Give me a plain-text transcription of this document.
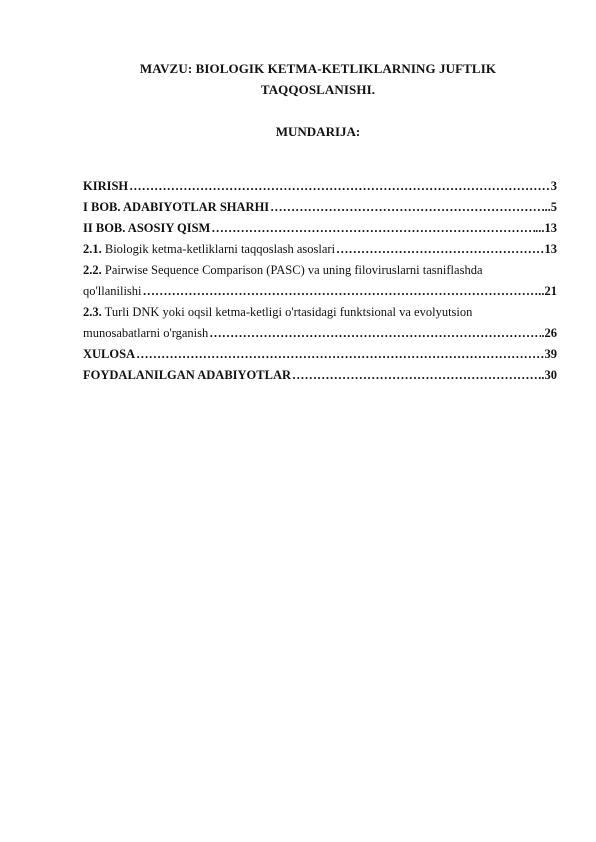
MAVZU: BIOLOGIK KETMA-KETLIKLARNING JUFTLIK
TAQQOSLANISHI.
MUNDARIJA:
KIRISH ……………………………………………………………………………………………………………………………………	3
I BOB. ADABIYOTLAR SHARHI ……………………………………………………………………………………………………………………………………	..5
II BOB. ASOSIY QISM ……………………………………………………………………………………………………………………………………	...13
2.1. Biologik ketma-ketliklarni taqqoslash asoslari ……………………………………………………………………………………………………………………………………	13
2.2. Pairwise Sequence Comparison (PASC) va uning filoviruslarni tasniflashda
qo'llanilishi ……………………………………………………………………………………………………………………………………	..21
2.3. Turli DNK yoki oqsil ketma-ketligi o'rtasidagi funktsional va evolyutsion
munosabatlarni o'rganish ……………………………………………………………………………………………………………………………………	.26
XULOSA ……………………………………………………………………………………………………………………………………	39
FOYDALANILGAN ADABIYOTLAR ……………………………………………………………………………………………………………………………………	..30
